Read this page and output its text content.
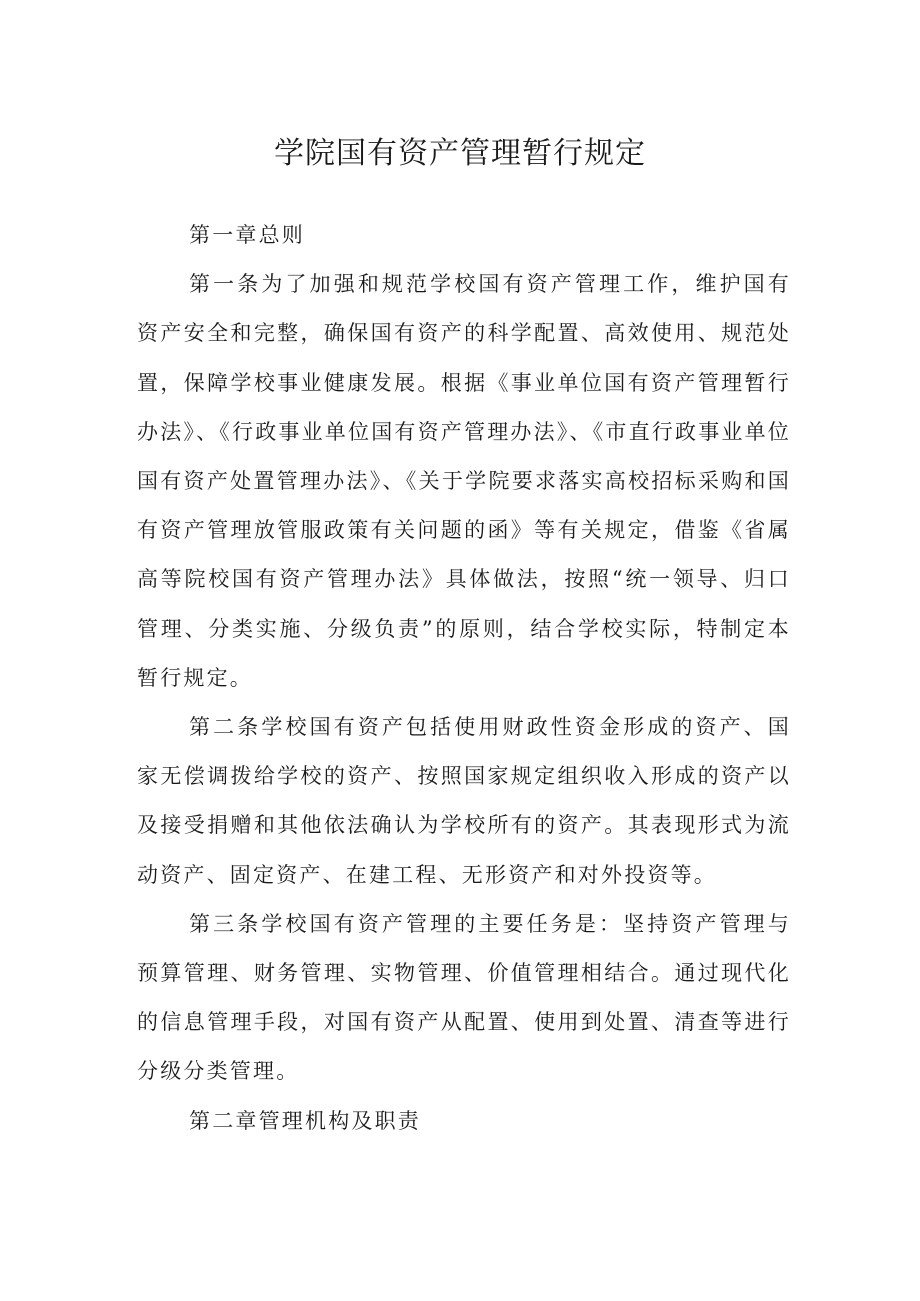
学院国有资产管理暂行规定

第一章总则

第一条为了加强和规范学校国有资产管理工作，维护国有资产安全和完整，确保国有资产的科学配置、高效使用、规范处置，保障学校事业健康发展。根据《事业单位国有资产管理暂行办法》、《行政事业单位国有资产管理办法》、《市直行政事业单位国有资产处置管理办法》、《关于学院要求落实高校招标采购和国有资产管理放管服政策有关问题的函》等有关规定，借鉴《省属高等院校国有资产管理办法》具体做法，按照“统一领导、归口管理、分类实施、分级负责”的原则，结合学校实际，特制定本暂行规定。

第二条学校国有资产包括使用财政性资金形成的资产、国家无偿调拨给学校的资产、按照国家规定组织收入形成的资产以及接受捐赠和其他依法确认为学校所有的资产。其表现形式为流动资产、固定资产、在建工程、无形资产和对外投资等。

第三条学校国有资产管理的主要任务是：坚持资产管理与预算管理、财务管理、实物管理、价值管理相结合。通过现代化的信息管理手段，对国有资产从配置、使用到处置、清查等进行分级分类管理。

第二章管理机构及职责
